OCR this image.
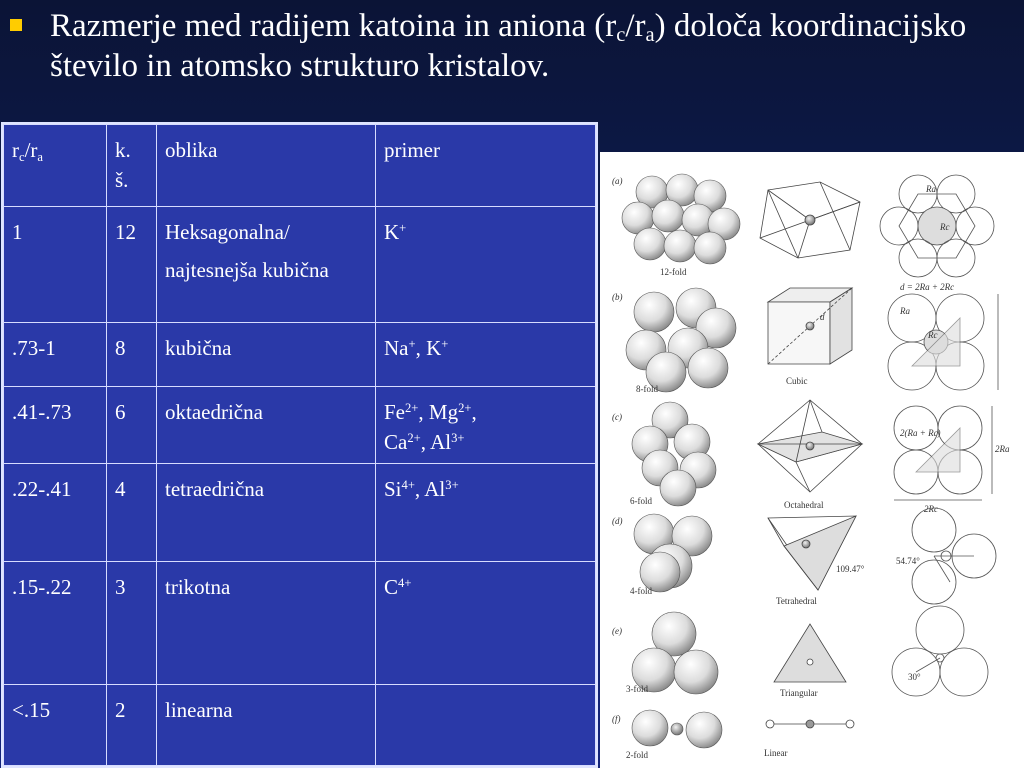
Razmerje med radijem katoina in aniona $(r_c/r_a)$ določa koordinacijsko število in atomsko strukturo kristalov.
$r_c/r_a$	k. š.	oblika	primer
1	12	Heksagonalna/ najtesnejša kubična	K+
.73-1	8	kubična	Na+, K+
.41-.73	6	oktaedrična	$Fe^{2+}$, $Mg^{2+}$,
$Ca^{2+}$, $Al^{3+}$
.22-.41	4	tetraedrična	$Si^{4+}$, $Al^{3+}$
.15-.22	3	trikotna	$C^{4+}$
<.15	2	linearna	
(a)
12-fold
Ra
Rc
(b)
8-fold
d
Cubic
d = 2Ra + 2Rc
Ra
Rc
(c)
6-fold	Octahedral
2(Ra + Rc)
2Ra
2Rc
(d)
4-fold
109.47°
Tetrahedral
54.74°
(e)
3-fold	Triangular
30°
(f)
2-fold	Linear
